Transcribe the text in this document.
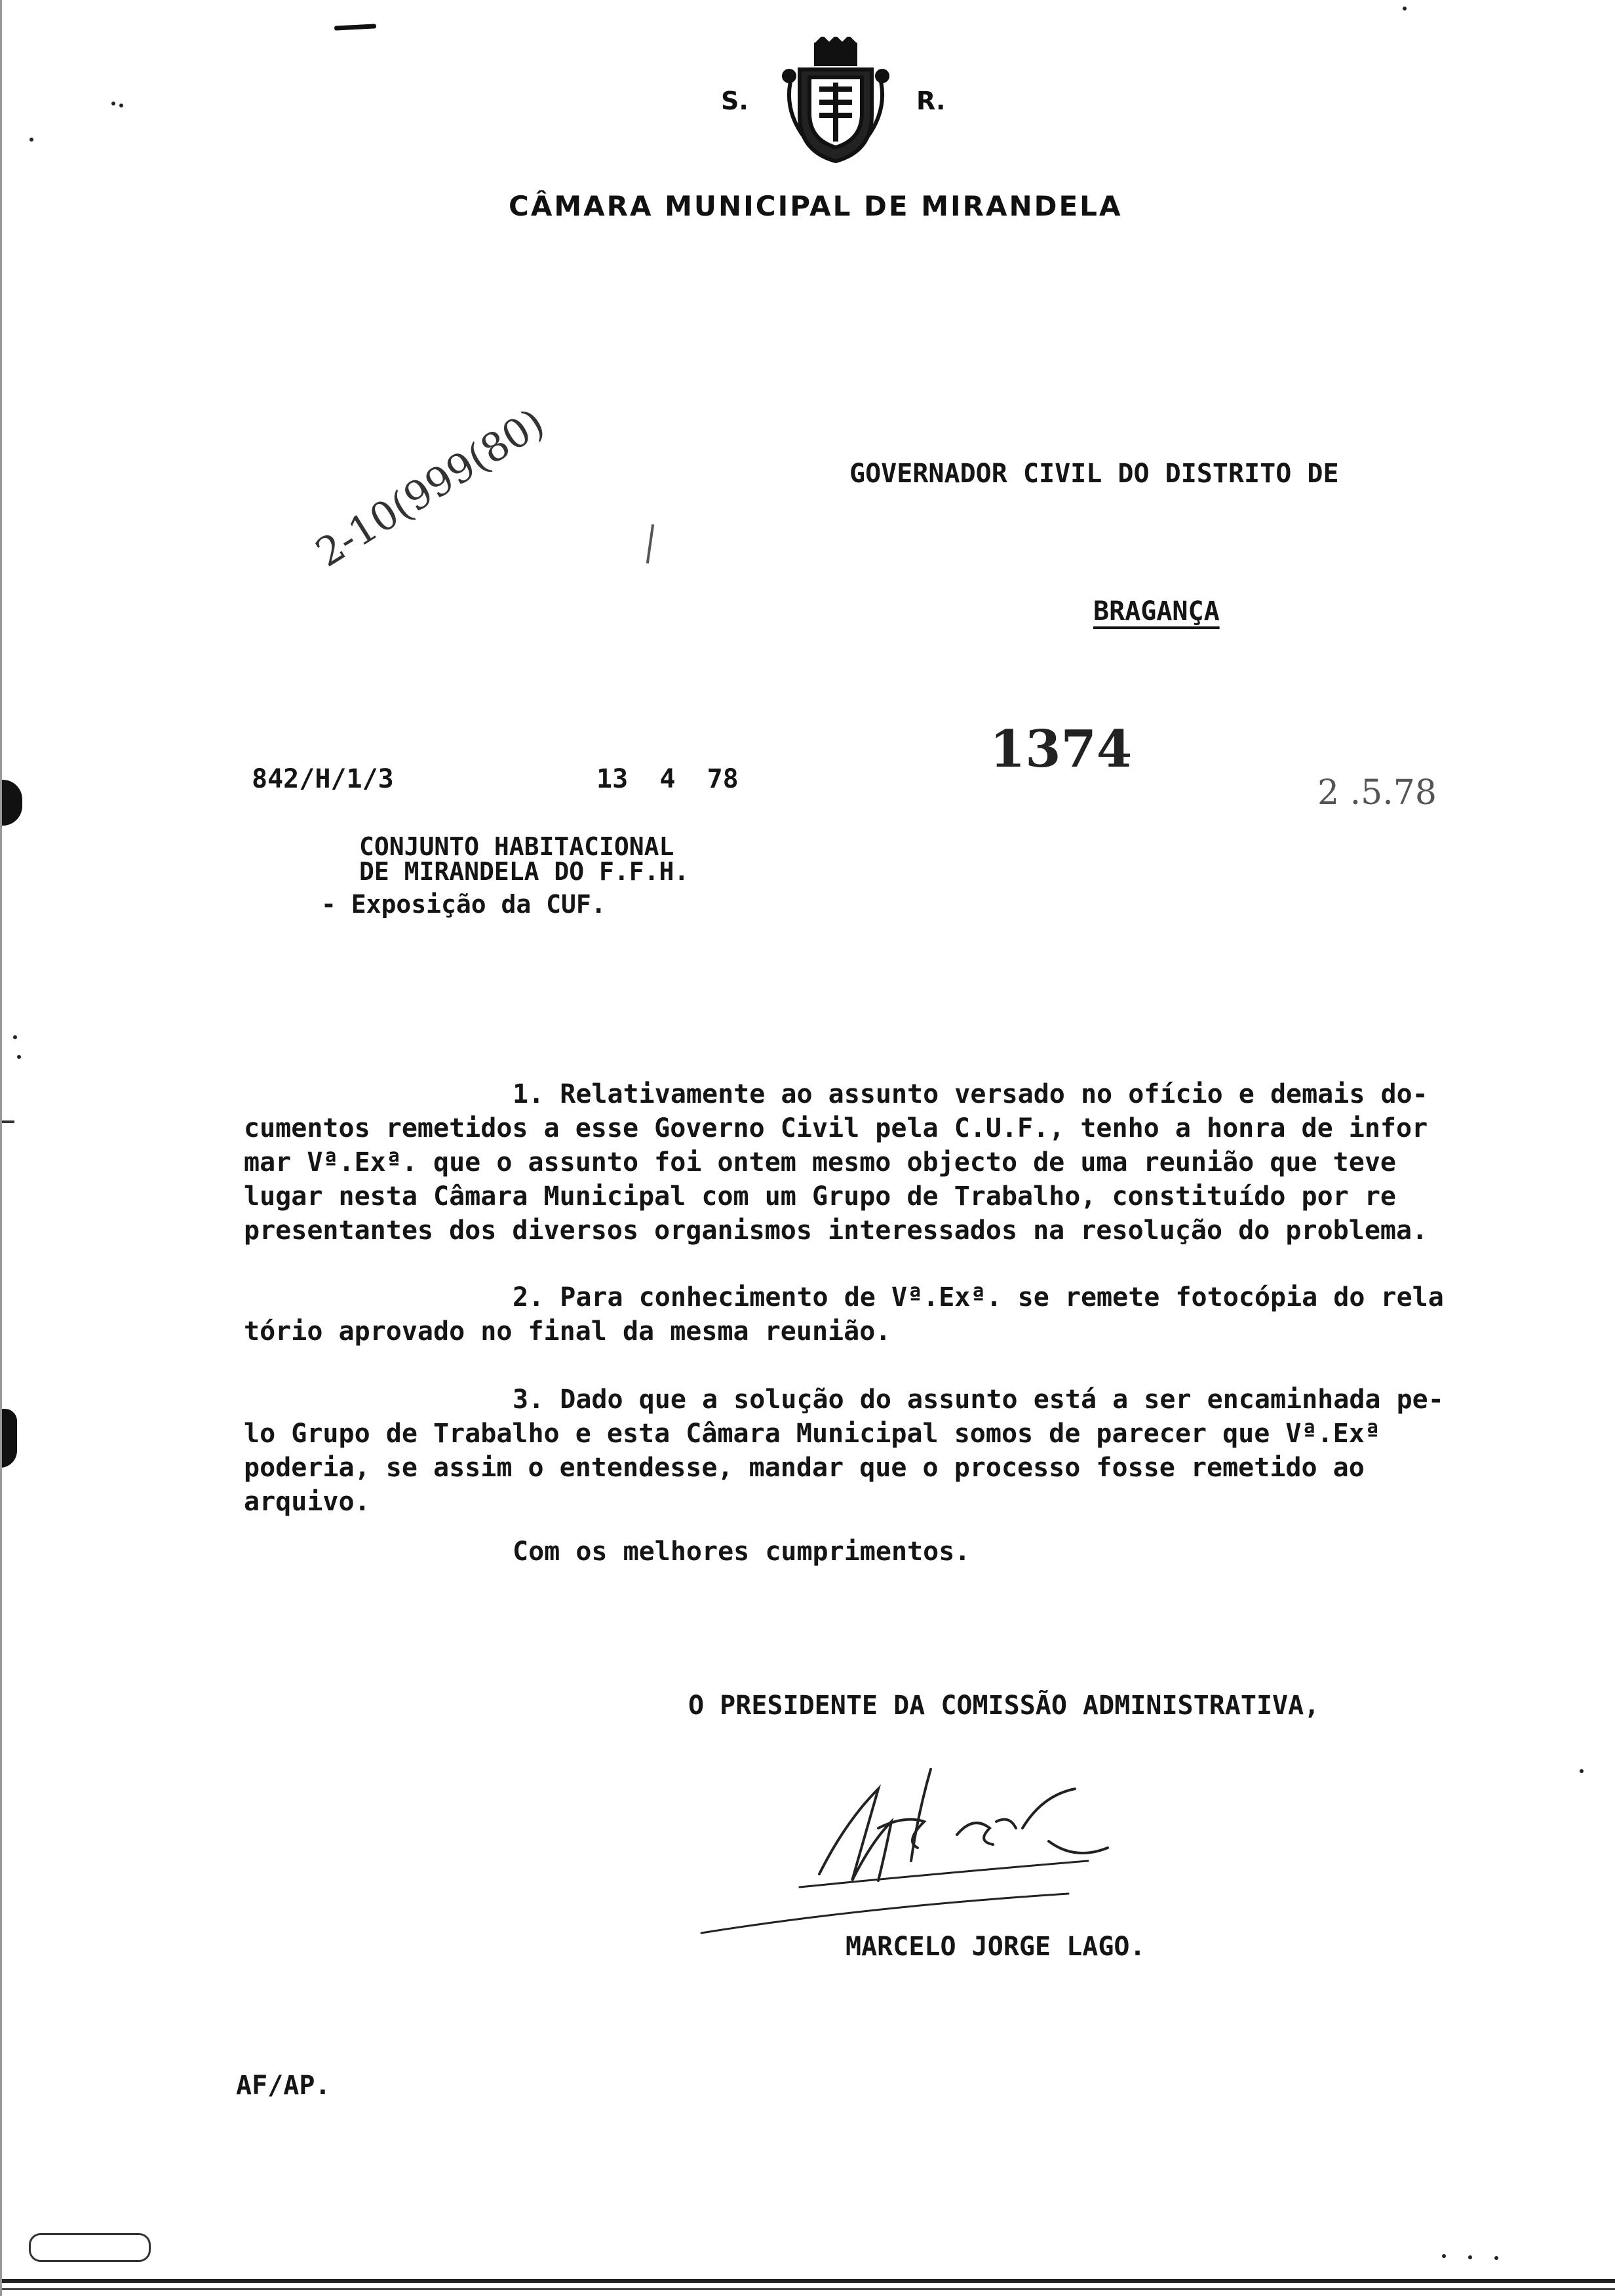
S.	R.
CÂMARA MUNICIPAL DE MIRANDELA
GOVERNADOR CIVIL DO DISTRITO DE
BRAGANÇA
2-10(999(80)
842/H/1/3	13  4  78	1374
2 .5.78
CONJUNTO HABITACIONAL
DE MIRANDELA DO F.F.H.
- Exposição da CUF.
1. Relativamente ao assunto versado no ofício e demais do-
cumentos remetidos a esse Governo Civil pela C.U.F., tenho a honra de infor
mar Vª.Exª. que o assunto foi ontem mesmo objecto de uma reunião que teve
lugar nesta Câmara Municipal com um Grupo de Trabalho, constituído por re
presentantes dos diversos organismos interessados na resolução do problema.
2. Para conhecimento de Vª.Exª. se remete fotocópia do rela
tório aprovado no final da mesma reunião.
3. Dado que a solução do assunto está a ser encaminhada pe-
lo Grupo de Trabalho e esta Câmara Municipal somos de parecer que Vª.Exª
poderia, se assim o entendesse, mandar que o processo fosse remetido ao
arquivo.
Com os melhores cumprimentos.
O PRESIDENTE DA COMISSÃO ADMINISTRATIVA,
MARCELO JORGE LAGO.
AF/AP.
